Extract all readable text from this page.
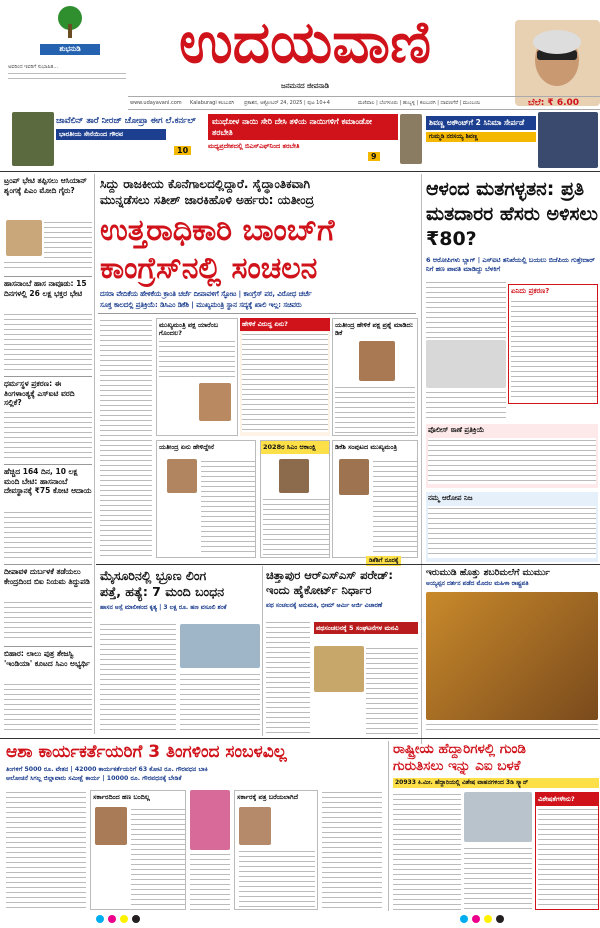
ಶುಭನುಡಿ
ಅವರಿಂದ ಇವರಿಗೆ ಸುಭಾಷಿತ...	ಉದಯವಾಣಿ
ಜನಮನದ ಜೀವನಾಡಿ
www.udayavani.com Kalaburagi ಕಲಬುರಗಿ ಪ್ರಕಾಶನ, ಅಕ್ಟೋಬರ್ 24, 2025 | ಪುಟ 10+4	ಮಣಿಪಾಲ | ಬೆಂಗಳೂರು | ಹುಬ್ಬಳ್ಳಿ | ಕಲಬುರಗಿ | ದಾವಣಗೆರೆ | ಮುಂಬಯಿ	ಬೆಲೆ: ₹ 6.00
ಜಾವೆಲಿನ್ ತಾರೆ ನೀರಜ್ ಚೋಪ್ರಾ ಈಗ ಲೆ.ಕರ್ನಲ್
ಭಾರತೀಯ ಸೇನೆಯಿಂದ ಗೌರವ
10
ಮುಧೋಳ ನಾಯಿ ಸೇರಿ ದೇಸಿ ತಳಿಯ ನಾಯಿಗಳಿಗೆ ಕಮಾಂಡೋ ತರಬೇತಿ
ಮಧ್ಯಪ್ರದೇಶದಲ್ಲಿ ಬಿಎಸ್ಎಫ್‌ನಿಂದ ತರಬೇತಿ
9
ಶಿವಣ್ಣ ಅಕೌಂಟ್‌ಗೆ 2 ಸಿನಿಮಾ ಸೇರ್ಪಡೆ
ಗುಮ್ಮಡಿ ನರಸಯ್ಯ ಶಿವಣ್ಣ
ಟ್ರಂಪ್ ಭೇಟಿ ತಪ್ಪಿಸಲು ಆಸಿಯಾನ್ ಶೃಂಗಕ್ಕೆ ಪಿಎಂ ಮೋದಿ ಗೈರು?
ಹಾಸನಾಂಬೆ ಹಾಸ ನಾವೂಡು: 15 ದಿನಗಳಲ್ಲಿ 26 ಲಕ್ಷ ಭಕ್ತರ ಭೇಟಿ
ಧರ್ಮಸ್ಥಳ ಪ್ರಕರಣ: ಈ ತಿಂಗಳಾಂತ್ಯಕ್ಕೆ ಎಸ್ಐಟಿ ವರದಿ ಸಲ್ಲಿಕೆ?
ಹೆಚ್ಚಿದ 164 ದಿನ, 10 ಲಕ್ಷ ಮಂದಿ ಬೇಟಿ: ಹಾಸನಾಂಬೆ ದೇವಸ್ಥಾನಕ್ಕೆ ₹75 ಕೋಟಿ ಆದಾಯ
ದೀಪಾವಳಿ ದುರ್ಬಳಕೆ ತಡೆಯಲು ಕೇಂದ್ರದಿಂದ ಬಿಐ ನಿಯಮ ತಿದ್ದುಪಡಿ
ಬಿಹಾರ: ಲಾಲು ಪುತ್ರ ತೇಜಸ್ವಿ 'ಇಂಡಿಯಾ' ಕೂಟದ ಸಿಎಂ ಅಭ್ಯರ್ಥಿ
ಸಿದ್ದು ರಾಜಕೀಯ ಕೊನೆಗಾಲದಲ್ಲಿದ್ದಾರೆ. ಸೈದ್ಧಾಂತಿಕವಾಗಿ
ಮುನ್ನಡೆಸಲು ಸತೀಶ್ ಜಾರಕಿಹೊಳಿ ಅರ್ಹರು: ಯತೀಂದ್ರ
ಉತ್ತರಾಧಿಕಾರಿ ಬಾಂಬ್‌ಗೆ
ಕಾಂಗ್ರೆಸ್‌ನಲ್ಲಿ ಸಂಚಲನ
ದಸರಾ ವೇದಿಕೆಯ ಹೇಳಿಕೆಯ ಕ್ರಾಂತಿ ಚರ್ಚೆ ದೀಪಾವಳಿಗೆ ಸ್ಫೋಟ | ಕಾಂಗ್ರೆಸ್ ಪರ, ವಿರೋಧ ಚರ್ಚೆ
ಸೂಕ್ತ ಕಾಲದಲ್ಲಿ ಪ್ರತಿಕ್ರಿಯೆ: ಡಿಸಿಎಂ ಡಿಕೆಶಿ | ಮುಖ್ಯಮಂತ್ರಿ ಸ್ಥಾನ ಸದ್ಯಕ್ಕೆ ಖಾಲಿ ಇಲ್ಲ: ಸಚಿವರು
ಮುಖ್ಯಮಂತ್ರಿ ಪಕ್ಷ ಯಾರೆಂಬ ಗೊಂದಲ?
ಹೇಳಿಕೆ ವಿರುದ್ಧ ಏನು?	ಯತೀಂದ್ರ ಹೇಳಿಕೆ ಪಕ್ಷ ಪ್ರಶ್ನೆ ಮಾಡಿದ: ಡಿಕೆ
ಯತೀಂದ್ರ ಏನು ಹೇಳಿದ್ದೇನೆ	2028ರ ಸಿಎಂ ಆಕಾಂಕ್ಷಿ	ಡಿಕೆಶಿ ಸಂಪುಟದ ಮುಖ್ಯಮಂತ್ರಿ
ಡಿಕೆಶಿಗೆ ನೂರಕ್ಕೆ
ಆಳಂದ ಮತಗಳ್ಳತನ: ಪ್ರತಿ ಮತದಾರರ ಹೆಸರು ಅಳಿಸಲು ₹80?
6 ಆರೋಪಿಗಳು ಬ್ಲಾಗ್ | ಎಸ್ಐಟಿ ತನಿಖೆಯಲ್ಲಿ ಬಯಲು ಬಿಜೆಪಿಯ ಗುತ್ತೇದಾರ್ ನಿಗೆ ಹಣ ಪಾವತಿ ಮಾಡಿದ್ದು ಬೆಳಕಿಗೆ
ಏನಿದು ಪ್ರಕರಣ?
ಪೊಲೀಸ್ ಠಾಣೆ ಪ್ರತಿಕ್ರಿಯೆ
ನಮ್ಮ ಆರೋಪ ನಿಜ
ಮೈಸೂರಿನಲ್ಲಿ ಭ್ರೂಣ ಲಿಂಗ
ಪತ್ತೆ, ಹತ್ಯೆ: 7 ಮಂದಿ ಬಂಧನ
ಹಾಸನ ಅಸ್ಸೆ ಮಾಲೀಕಂದ ಕೃತ್ಯ | 3 ಲಕ್ಷ ರೂ. ಹಣ ವಸೂಲಿ ಶಂಕೆ
ಚಿತ್ತಾಪುರ ಆರ್‌ಎಸ್‌ಎಸ್ ಪರೇಡ್:
ಇಂದು ಹೈಕೋರ್ಟ್ ನಿರ್ಧಾರ
ಪಥ ಸಂಚಲನಕ್ಕೆ ಅನುಮತಿ, ಭೀಮ್ ಆರ್ಮಿ ಅರ್ಜಿ ವಿಚಾರಣೆ
ಪಥಸಂಚಲನಕ್ಕೆ 5 ಸಂಘಟನೆಗಳ ಮನವಿ
ಇರುಮುಡಿ ಹೊತ್ತು ಶಬರಿಮಲೆಗೆ ಮುರ್ಮು
ಅಯ್ಯಪ್ಪನ ದರ್ಶನ ಪಡೆದ ಮೊದಲ ಮಹಿಳಾ ರಾಷ್ಟ್ರಪತಿ
ಆಶಾ ಕಾರ್ಯಕರ್ತೆಯರಿಗೆ 3 ತಿಂಗಳಿಂದ ಸಂಬಳವಿಲ್ಲ
ತಿಂಗಳಿಗೆ 5000 ರೂ. ವೇತನ | 42000 ಕಾರ್ಯಕರ್ತೆಯರಿಗೆ 63 ಕೋಟಿ ರೂ. ಗೌರವಧನ ಬಾಕಿ
ಆಲೋಚನೆ ಸಿಗಲ್ಲ ಜಿಲ್ಲಾವಾರು ಸಮೀಕ್ಷೆ ಕಾರ್ಯ | 10000 ರೂ. ಗೌರವಧನಕ್ಕೆ ಬೇಡಿಕೆ
ಸರ್ಕಾರದಿಂದ ಹಣ ಬಂದಿಲ್ಲ	ಸರ್ಕಾರಕ್ಕೆ ಪತ್ರ ಬರೆಯಲಾಗಿದೆ
ರಾಷ್ಟ್ರೀಯ ಹೆದ್ದಾರಿಗಳಲ್ಲಿ ಗುಂಡಿ
ಗುರುತಿಸಲು ಇನ್ನು ಎಐ ಬಳಕೆ
20933 ಕಿ.ಮೀ. ಹೆದ್ದಾರಿಯಲ್ಲಿ ವಿಶೇಷ ವಾಹನಗಳಿಂದ 3ಡಿ ಸ್ಕ್ಯಾನ್
ವಿಶೇಷತೆಗಳೇನು?
